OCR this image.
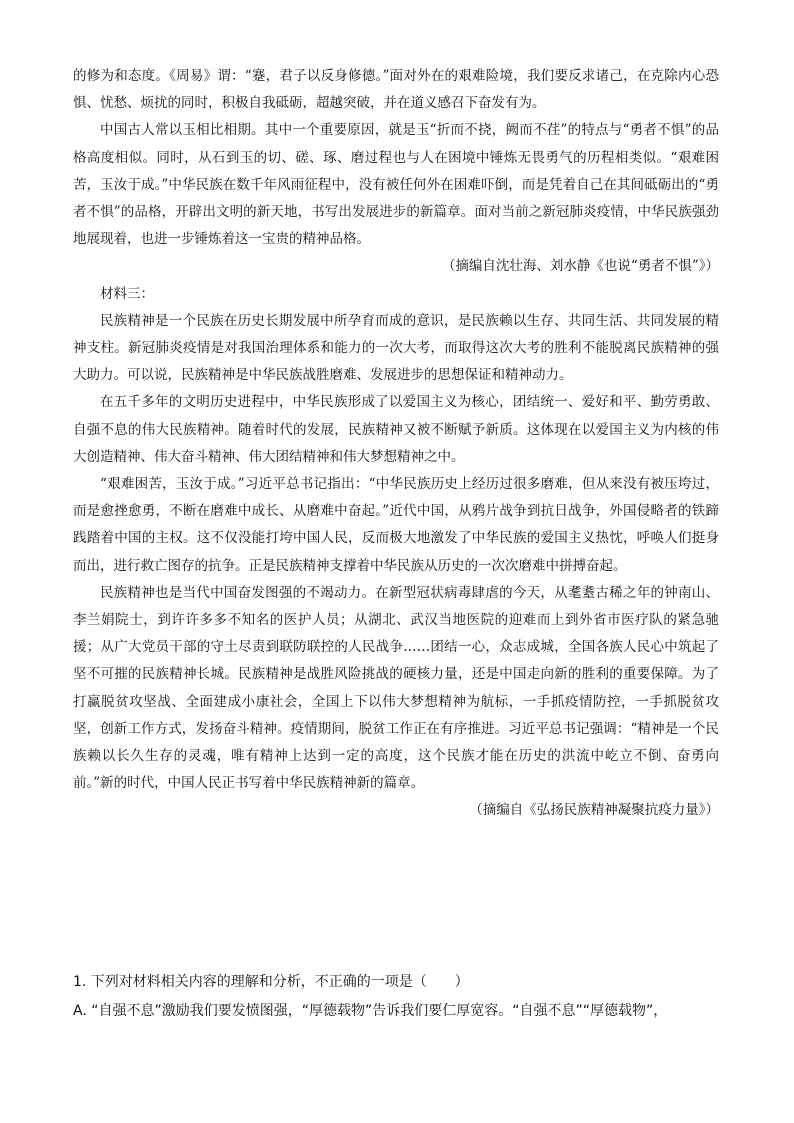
的修为和态度。《周易》谓：“蹇，君子以反身修德。”面对外在的艰难险境，我们要反求诸己，在克除内心恐惧、忧愁、烦扰的同时，积极自我砥砺，超越突破，并在道义感召下奋发有为。

中国古人常以玉相比相期。其中一个重要原因，就是玉“折而不挠，阙而不荏”的特点与“勇者不惧”的品格高度相似。同时，从石到玉的切、磋、琢、磨过程也与人在困境中锤炼无畏勇气的历程相类似。“艰难困苦，玉汝于成。”中华民族在数千年风雨征程中，没有被任何外在困难吓倒，而是凭着自己在其间砥砺出的“勇者不惧”的品格，开辟出文明的新天地，书写出发展进步的新篇章。面对当前之新冠肺炎疫情，中华民族强劲地展现着，也进一步锤炼着这一宝贵的精神品格。

（摘编自沈壮海、刘水静《也说“勇者不惧”》）

材料三：

民族精神是一个民族在历史长期发展中所孕育而成的意识，是民族赖以生存、共同生活、共同发展的精神支柱。新冠肺炎疫情是对我国治理体系和能力的一次大考，而取得这次大考的胜利不能脱离民族精神的强大助力。可以说，民族精神是中华民族战胜磨难、发展进步的思想保证和精神动力。

在五千多年的文明历史进程中，中华民族形成了以爱国主义为核心，团结统一、爱好和平、勤劳勇敢、自强不息的伟大民族精神。随着时代的发展，民族精神又被不断赋予新质。这体现在以爱国主义为内核的伟大创造精神、伟大奋斗精神、伟大团结精神和伟大梦想精神之中。

“艰难困苦，玉汝于成。”习近平总书记指出：“中华民族历史上经历过很多磨难，但从来没有被压垮过，而是愈挫愈勇，不断在磨难中成长、从磨难中奋起。”近代中国，从鸦片战争到抗日战争，外国侵略者的铁蹄践踏着中国的主权。这不仅没能打垮中国人民，反而极大地激发了中华民族的爱国主义热忱，呼唤人们挺身而出，进行救亡图存的抗争。正是民族精神支撑着中华民族从历史的一次次磨难中拼搏奋起。

民族精神也是当代中国奋发图强的不竭动力。在新型冠状病毒肆虐的今天，从耄耋古稀之年的钟南山、李兰娟院士，到许许多多不知名的医护人员；从湖北、武汉当地医院的迎难而上到外省市医疗队的紧急驰援；从广大党员干部的守土尽责到联防联控的人民战争……团结一心，众志成城，全国各族人民心中筑起了坚不可摧的民族精神长城。民族精神是战胜风险挑战的硬核力量，还是中国走向新的胜利的重要保障。为了打赢脱贫攻坚战、全面建成小康社会，全国上下以伟大梦想精神为航标，一手抓疫情防控，一手抓脱贫攻坚，创新工作方式，发扬奋斗精神。疫情期间，脱贫工作正在有序推进。习近平总书记强调：“精神是一个民族赖以长久生存的灵魂，唯有精神上达到一定的高度，这个民族才能在历史的洪流中屹立不倒、奋勇向前。”新的时代，中国人民正书写着中华民族精神新的篇章。

（摘编自《弘扬民族精神凝聚抗疫力量》）

1. 下列对材料相关内容的理解和分析，不正确的一项是（　　）

A. “自强不息”激励我们要发愤图强，“厚德载物”告诉我们要仁厚宽容。“自强不息”“厚德载物”，
